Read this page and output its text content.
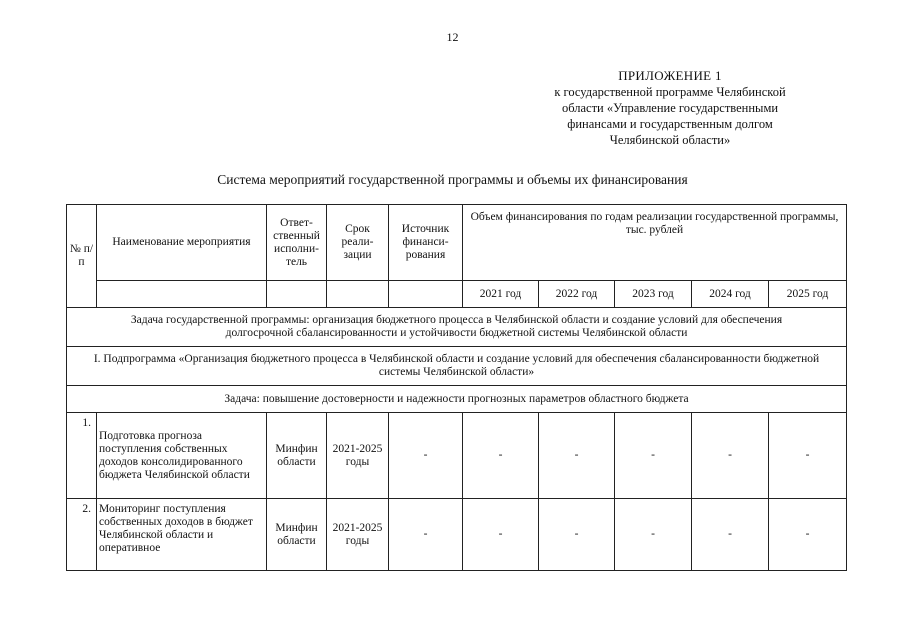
12
ПРИЛОЖЕНИЕ 1
к государственной программе Челябинской
области «Управление государственными
финансами и государственным долгом
Челябинской области»
Система мероприятий государственной программы и объемы их финансирования
№ п/п	Наименование мероприятия	Ответ-ственный исполни-тель	Срок реали-зации	Источник финанси-рования	Объем финансирования по годам реализации государственной программы, тыс. рублей				
					2021 год	2022 год	2023 год	2024 год	2025 год
Задача государственной программы: организация бюджетного процесса в Челябинской области и создание условий для обеспечения долгосрочной сбалансированности и устойчивости бюджетной системы Челябинской области									
I. Подпрограмма «Организация бюджетного процесса в Челябинской области и создание условий для обеспечения сбалансированности бюджетной системы Челябинской области»									
Задача: повышение достоверности и надежности прогнозных параметров областного бюджета									
1.	Подготовка прогноза поступления собственных доходов консолидированного бюджета Челябинской области	Минфин области	2021-2025 годы	-	-	-	-	-	-
2.	Мониторинг поступления собственных доходов в бюджет Челябинской области и оперативное	Минфин области	2021-2025 годы	-	-	-	-	-	-
